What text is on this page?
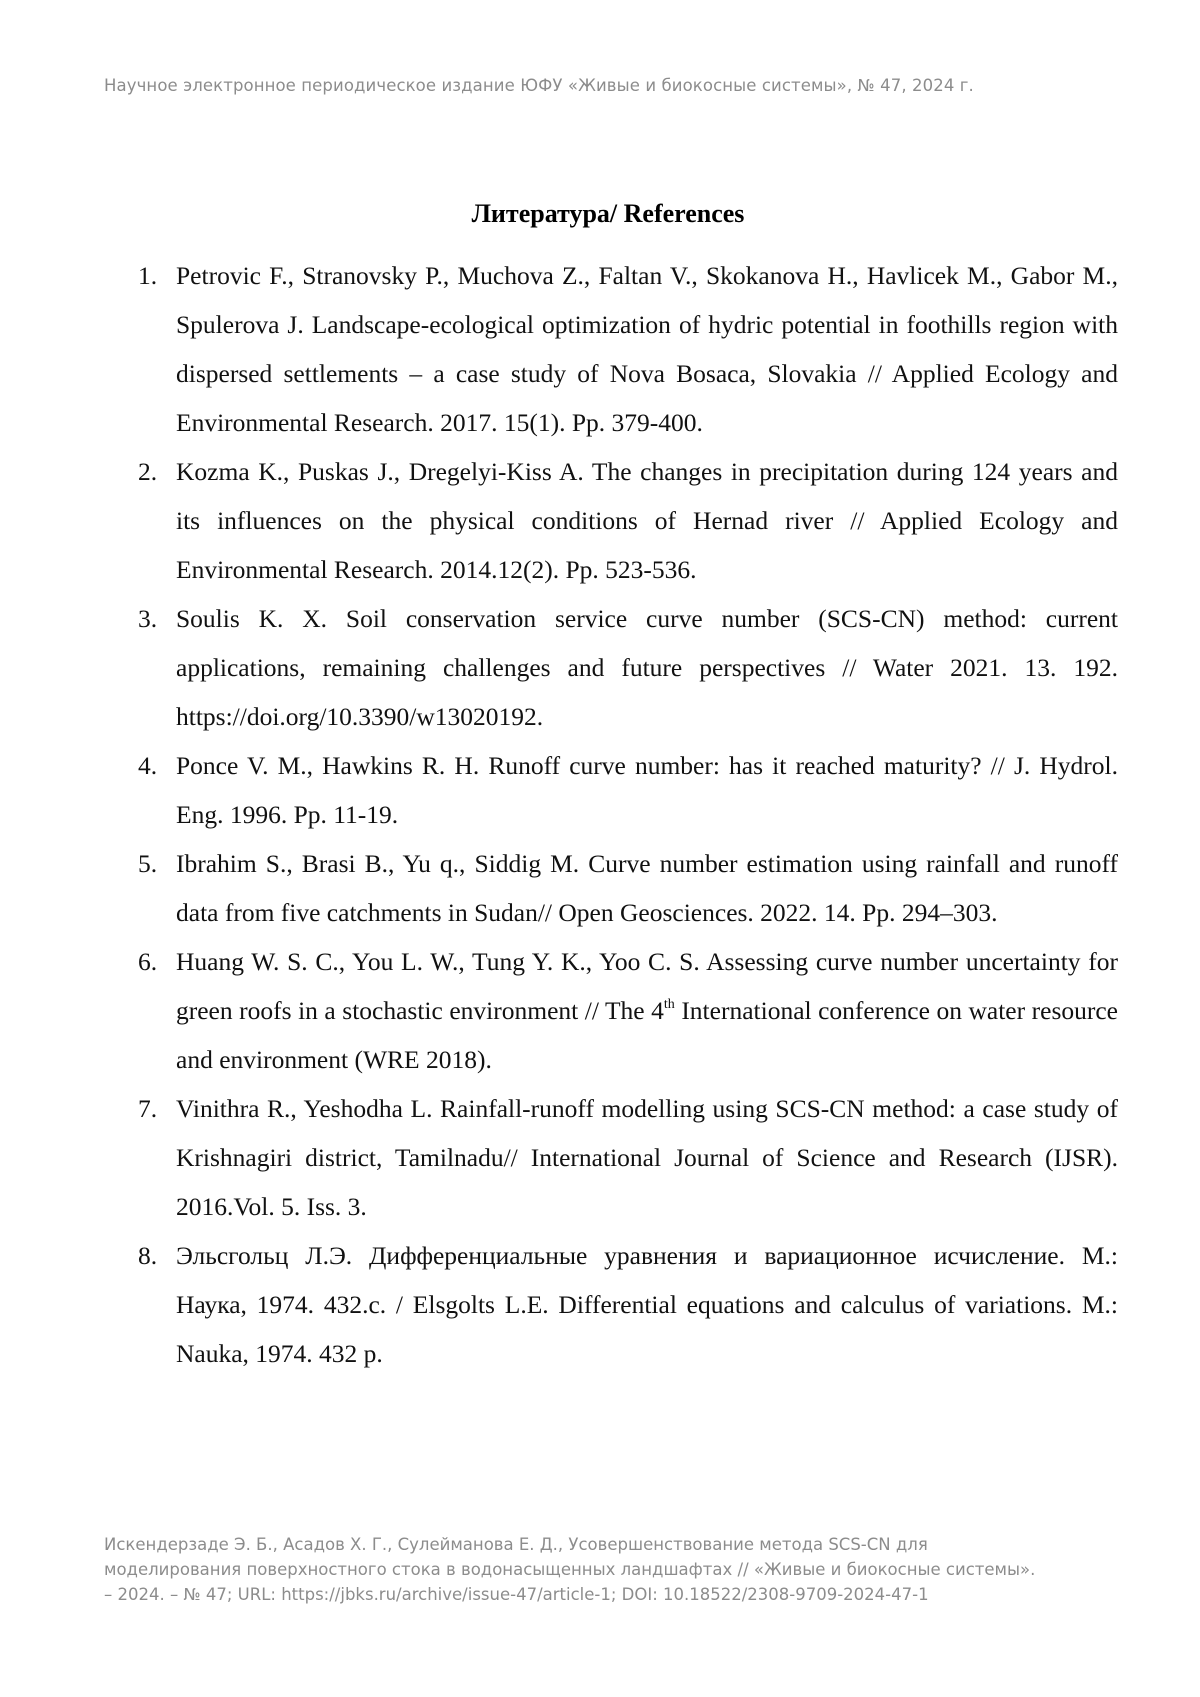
Научное электронное периодическое издание ЮФУ «Живые и биокосные системы», № 47, 2024 г.
Литература/ References
1. Petrovic F., Stranovsky P., Muchova Z., Faltan V., Skokanova H., Havlicek M., Gabor M., Spulerova J. Landscape-ecological optimization of hydric potential in foothills region with dispersed settlements – a case study of Nova Bosaca, Slovakia // Applied Ecology and Environmental Research. 2017. 15(1). Pp. 379-400.
2. Kozma K., Puskas J., Dregelyi-Kiss A. The changes in precipitation during 124 years and its influences on the physical conditions of Hernad river // Applied Ecology and Environmental Research. 2014.12(2). Pp. 523-536.
3. Soulis K. X. Soil conservation service curve number (SCS-CN) method: current applications, remaining challenges and future perspectives // Water 2021. 13. 192. https://doi.org/10.3390/w13020192.
4. Ponce V. M., Hawkins R. H. Runoff curve number: has it reached maturity? // J. Hydrol. Eng. 1996. Pp. 11-19.
5. Ibrahim S., Brasi B., Yu q., Siddig M. Curve number estimation using rainfall and runoff data from five catchments in Sudan// Open Geosciences. 2022. 14. Pp. 294–303.
6. Huang W. S. C., You L. W., Tung Y. K., Yoo C. S. Assessing curve number uncertainty for green roofs in a stochastic environment // The 4th International conference on water resource and environment (WRE 2018).
7. Vinithra R., Yeshodha L. Rainfall-runoff modelling using SCS-CN method: a case study of Krishnagiri district, Tamilnadu// International Journal of Science and Research (IJSR). 2016.Vol. 5. Iss. 3.
8. Эльсгольц Л.Э. Дифференциальные уравнения и вариационное исчисление. М.: Наука, 1974. 432.с. / Elsgolts L.E. Differential equations and calculus of variations. M.: Nauka, 1974. 432 p.
Искендерзаде Э. Б., Асадов Х. Г., Сулейманова Е. Д., Усовершенствование метода SCS-CN для
моделирования поверхностного стока в водонасыщенных ландшафтах // «Живые и биокосные системы».
– 2024. – № 47; URL: https://jbks.ru/archive/issue-47/article-1; DOI: 10.18522/2308-9709-2024-47-1
